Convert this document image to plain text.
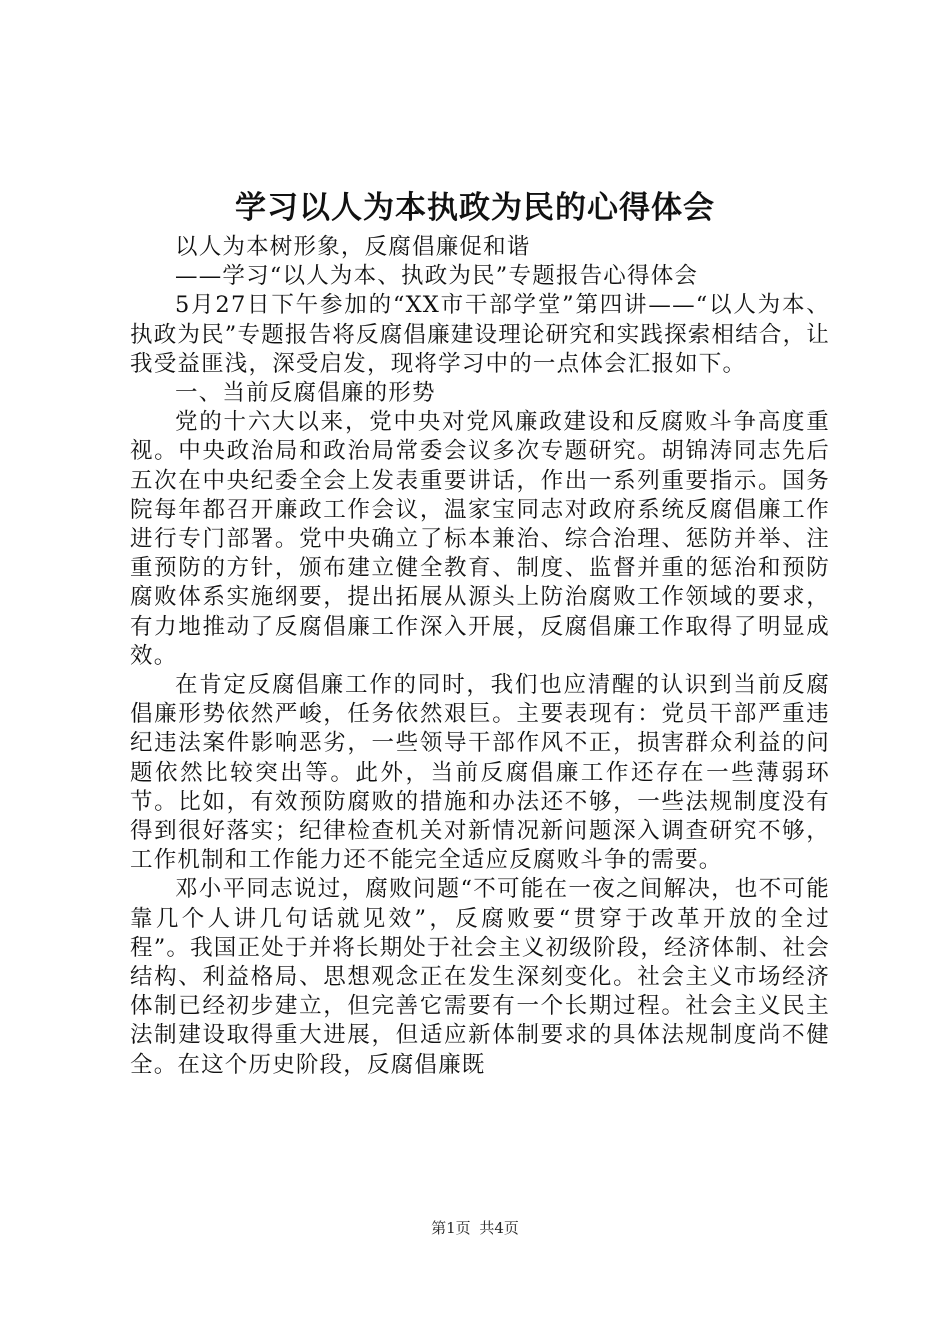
学习以人为本执政为民的心得体会

以人为本树形象，反腐倡廉促和谐

——学习“以人为本、执政为民”专题报告心得体会

5月27日下午参加的“XX市干部学堂”第四讲——“以人为本、执政为民”专题报告将反腐倡廉建设理论研究和实践探索相结合，让我受益匪浅，深受启发，现将学习中的一点体会汇报如下。

一、当前反腐倡廉的形势

党的十六大以来，党中央对党风廉政建设和反腐败斗争高度重视。中央政治局和政治局常委会议多次专题研究。胡锦涛同志先后五次在中央纪委全会上发表重要讲话，作出一系列重要指示。国务院每年都召开廉政工作会议，温家宝同志对政府系统反腐倡廉工作进行专门部署。党中央确立了标本兼治、综合治理、惩防并举、注重预防的方针，颁布建立健全教育、制度、监督并重的惩治和预防腐败体系实施纲要，提出拓展从源头上防治腐败工作领域的要求，有力地推动了反腐倡廉工作深入开展，反腐倡廉工作取得了明显成效。

在肯定反腐倡廉工作的同时，我们也应清醒的认识到当前反腐倡廉形势依然严峻，任务依然艰巨。主要表现有：党员干部严重违纪违法案件影响恶劣，一些领导干部作风不正，损害群众利益的问题依然比较突出等。此外，当前反腐倡廉工作还存在一些薄弱环节。比如，有效预防腐败的措施和办法还不够，一些法规制度没有得到很好落实；纪律检查机关对新情况新问题深入调查研究不够，工作机制和工作能力还不能完全适应反腐败斗争的需要。

邓小平同志说过，腐败问题“不可能在一夜之间解决，也不可能靠几个人讲几句话就见效”，反腐败要“贯穿于改革开放的全过程”。我国正处于并将长期处于社会主义初级阶段，经济体制、社会结构、利益格局、思想观念正在发生深刻变化。社会主义市场经济体制已经初步建立，但完善它需要有一个长期过程。社会主义民主法制建设取得重大进展，但适应新体制要求的具体法规制度尚不健全。在这个历史阶段，反腐倡廉既

第1页 共4页
